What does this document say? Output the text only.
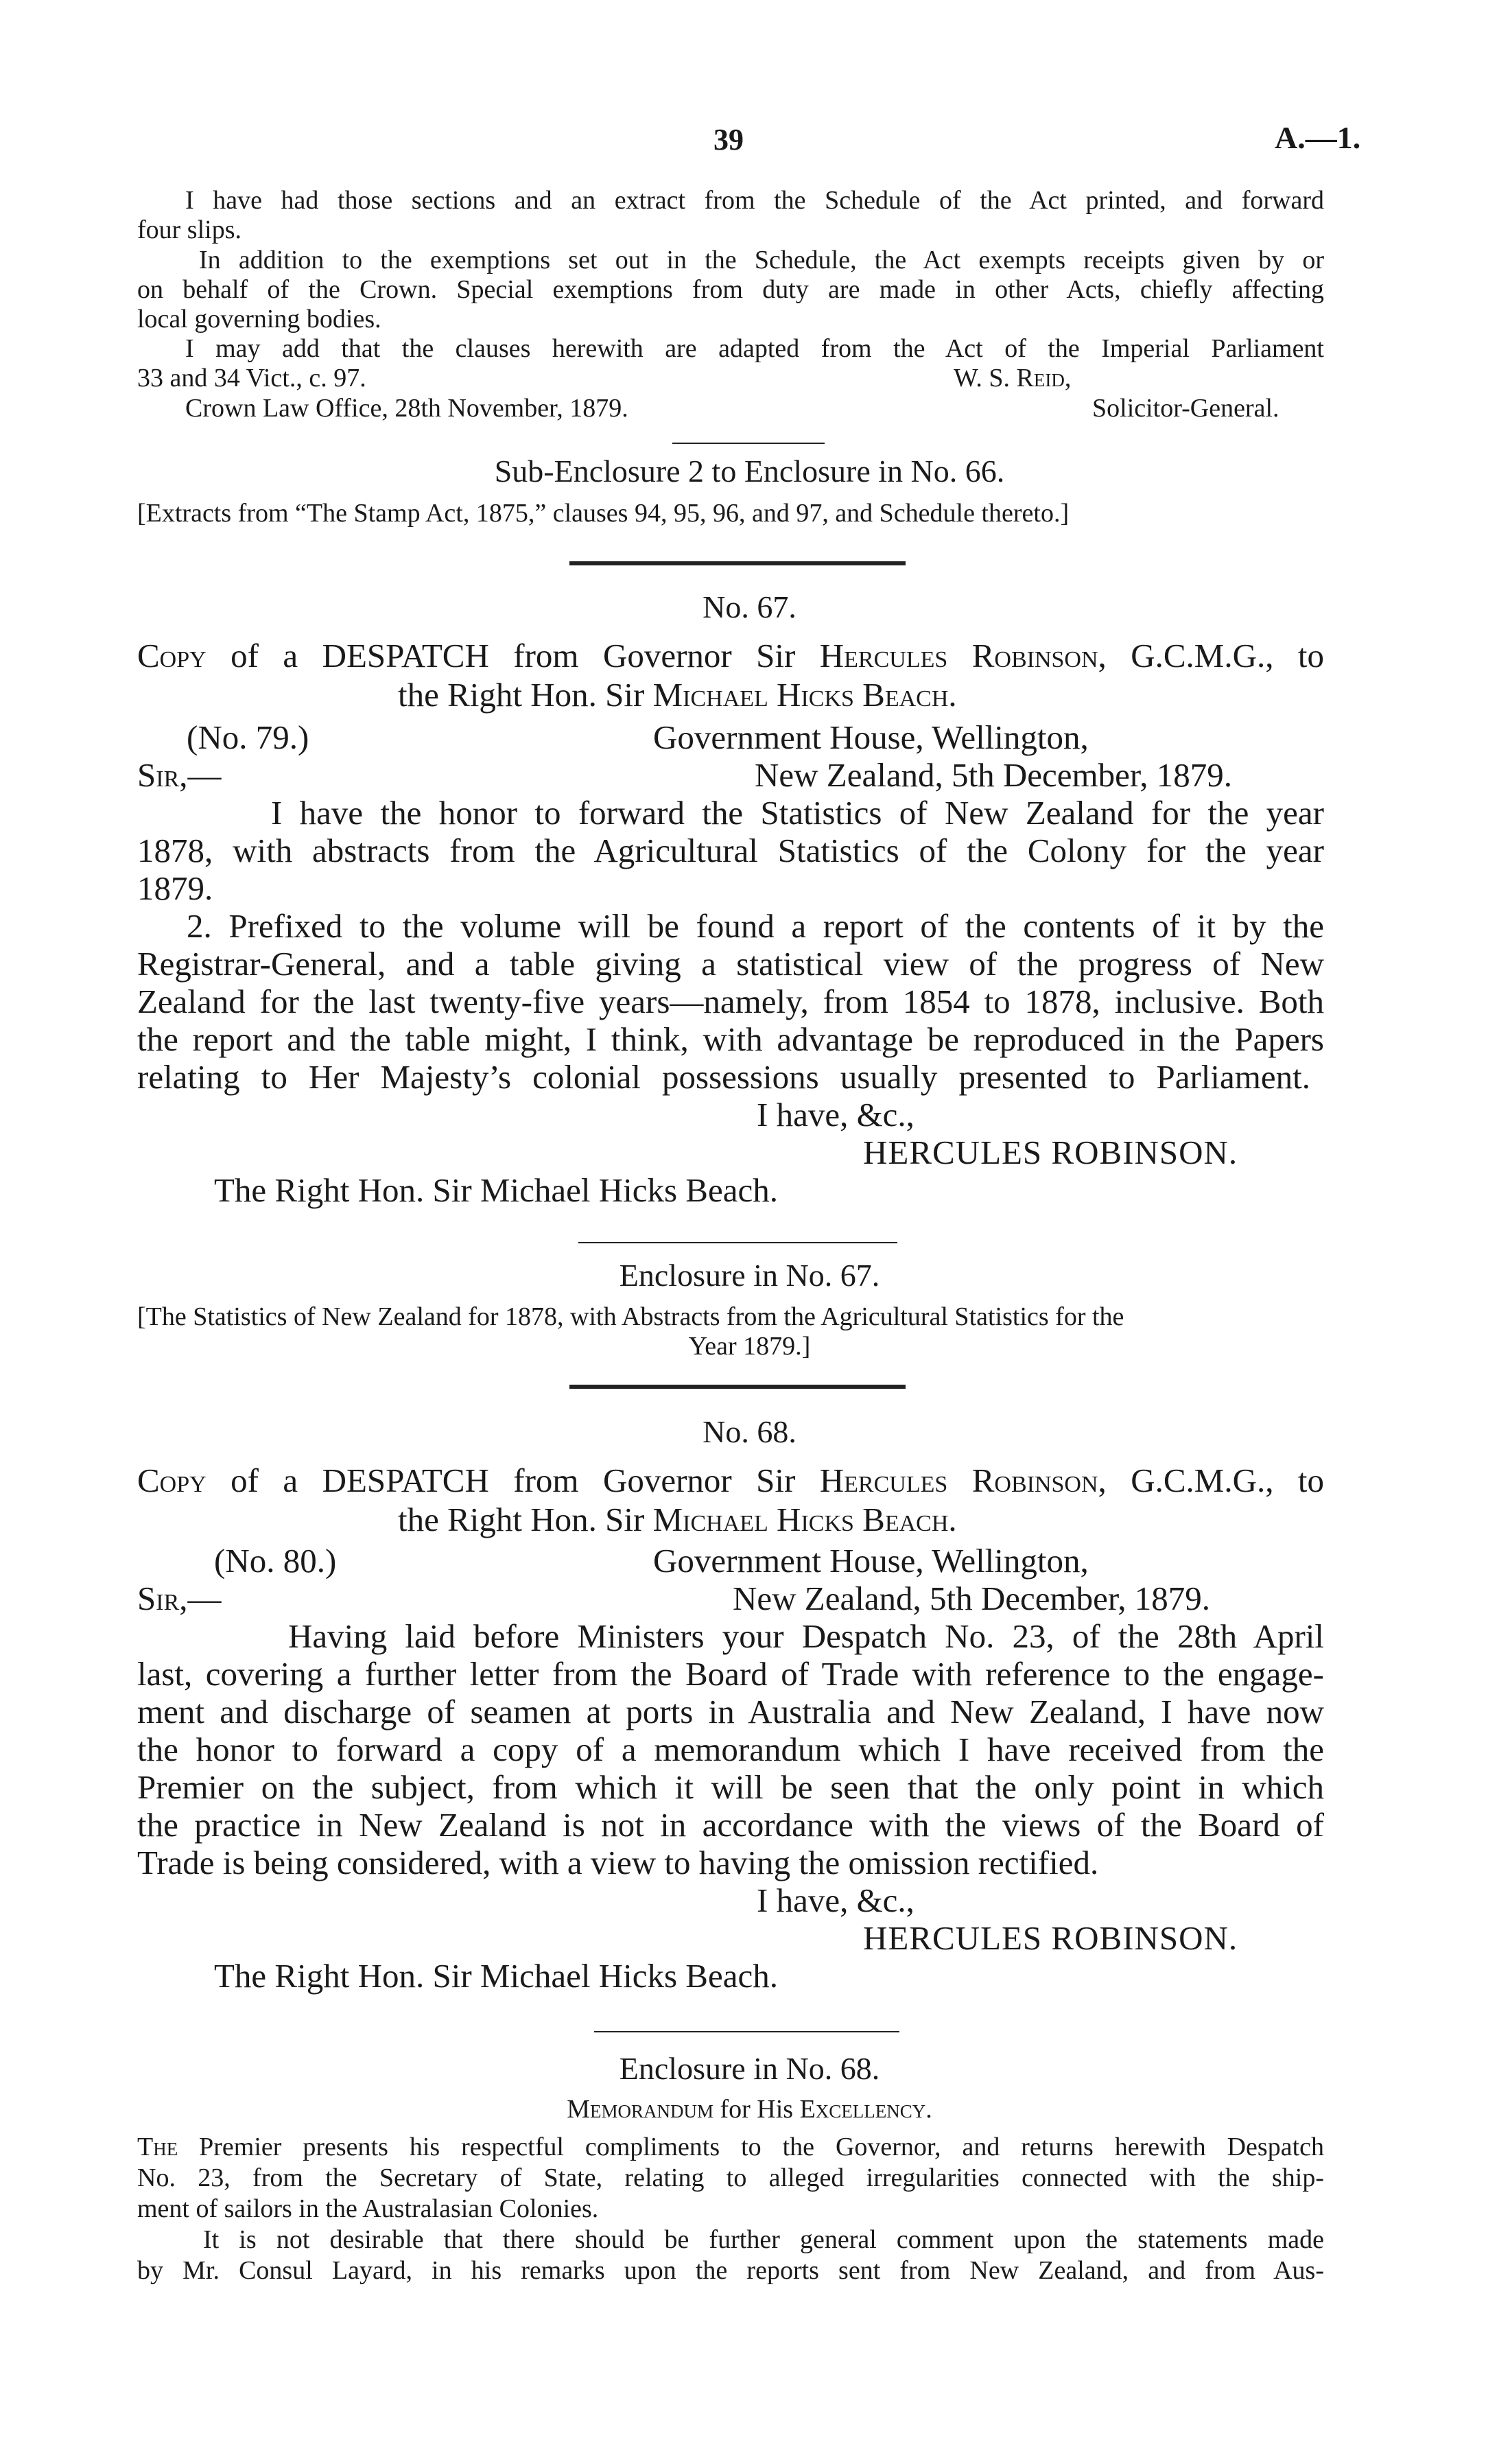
39	A.—1.
I have had those sections and an extract from the Schedule of the Act printed, and forward
four slips.
In addition to the exemptions set out in the Schedule, the Act exempts receipts given by or
on behalf of the Crown. Special exemptions from duty are made in other Acts, chiefly affecting
local governing bodies.
I may add that the clauses herewith are adapted from the Act of the Imperial Parliament
33 and 34 Vict., c. 97.	W. S. Reid,
Crown Law Office, 28th November, 1879.	Solicitor-General.
Sub-Enclosure 2 to Enclosure in No. 66.
[Extracts from “The Stamp Act, 1875,” clauses 94, 95, 96, and 97, and Schedule thereto.]
No. 67.
Copy of a DESPATCH from Governor Sir Hercules Robinson, G.C.M.G., to
the Right Hon. Sir Michael Hicks Beach.
(No. 79.)	Government House, Wellington,
Sir,—	New Zealand, 5th December, 1879.
I have the honor to forward the Statistics of New Zealand for the year
1878, with abstracts from the Agricultural Statistics of the Colony for the year
1879.
2. Prefixed to the volume will be found a report of the contents of it by the
Registrar-General, and a table giving a statistical view of the progress of New
Zealand for the last twenty-five years—namely, from 1854 to 1878, inclusive. Both
the report and the table might, I think, with advantage be reproduced in the Papers
relating to Her Majesty’s colonial possessions usually presented to Parliament.
I have, &c.,
HERCULES ROBINSON.
The Right Hon. Sir Michael Hicks Beach.
Enclosure in No. 67.
[The Statistics of New Zealand for 1878, with Abstracts from the Agricultural Statistics for the
Year 1879.]
No. 68.
Copy of a DESPATCH from Governor Sir Hercules Robinson, G.C.M.G., to
the Right Hon. Sir Michael Hicks Beach.
(No. 80.)	Government House, Wellington,
Sir,—	New Zealand, 5th December, 1879.
Having laid before Ministers your Despatch No. 23, of the 28th April
last, covering a further letter from the Board of Trade with reference to the engage-
ment and discharge of seamen at ports in Australia and New Zealand, I have now
the honor to forward a copy of a memorandum which I have received from the
Premier on the subject, from which it will be seen that the only point in which
the practice in New Zealand is not in accordance with the views of the Board of
Trade is being considered, with a view to having the omission rectified.
I have, &c.,
HERCULES ROBINSON.
The Right Hon. Sir Michael Hicks Beach.
Enclosure in No. 68.
Memorandum for His Excellency.
The Premier presents his respectful compliments to the Governor, and returns herewith Despatch
No. 23, from the Secretary of State, relating to alleged irregularities connected with the ship-
ment of sailors in the Australasian Colonies.
It is not desirable that there should be further general comment upon the statements made
by Mr. Consul Layard, in his remarks upon the reports sent from New Zealand, and from Aus-
